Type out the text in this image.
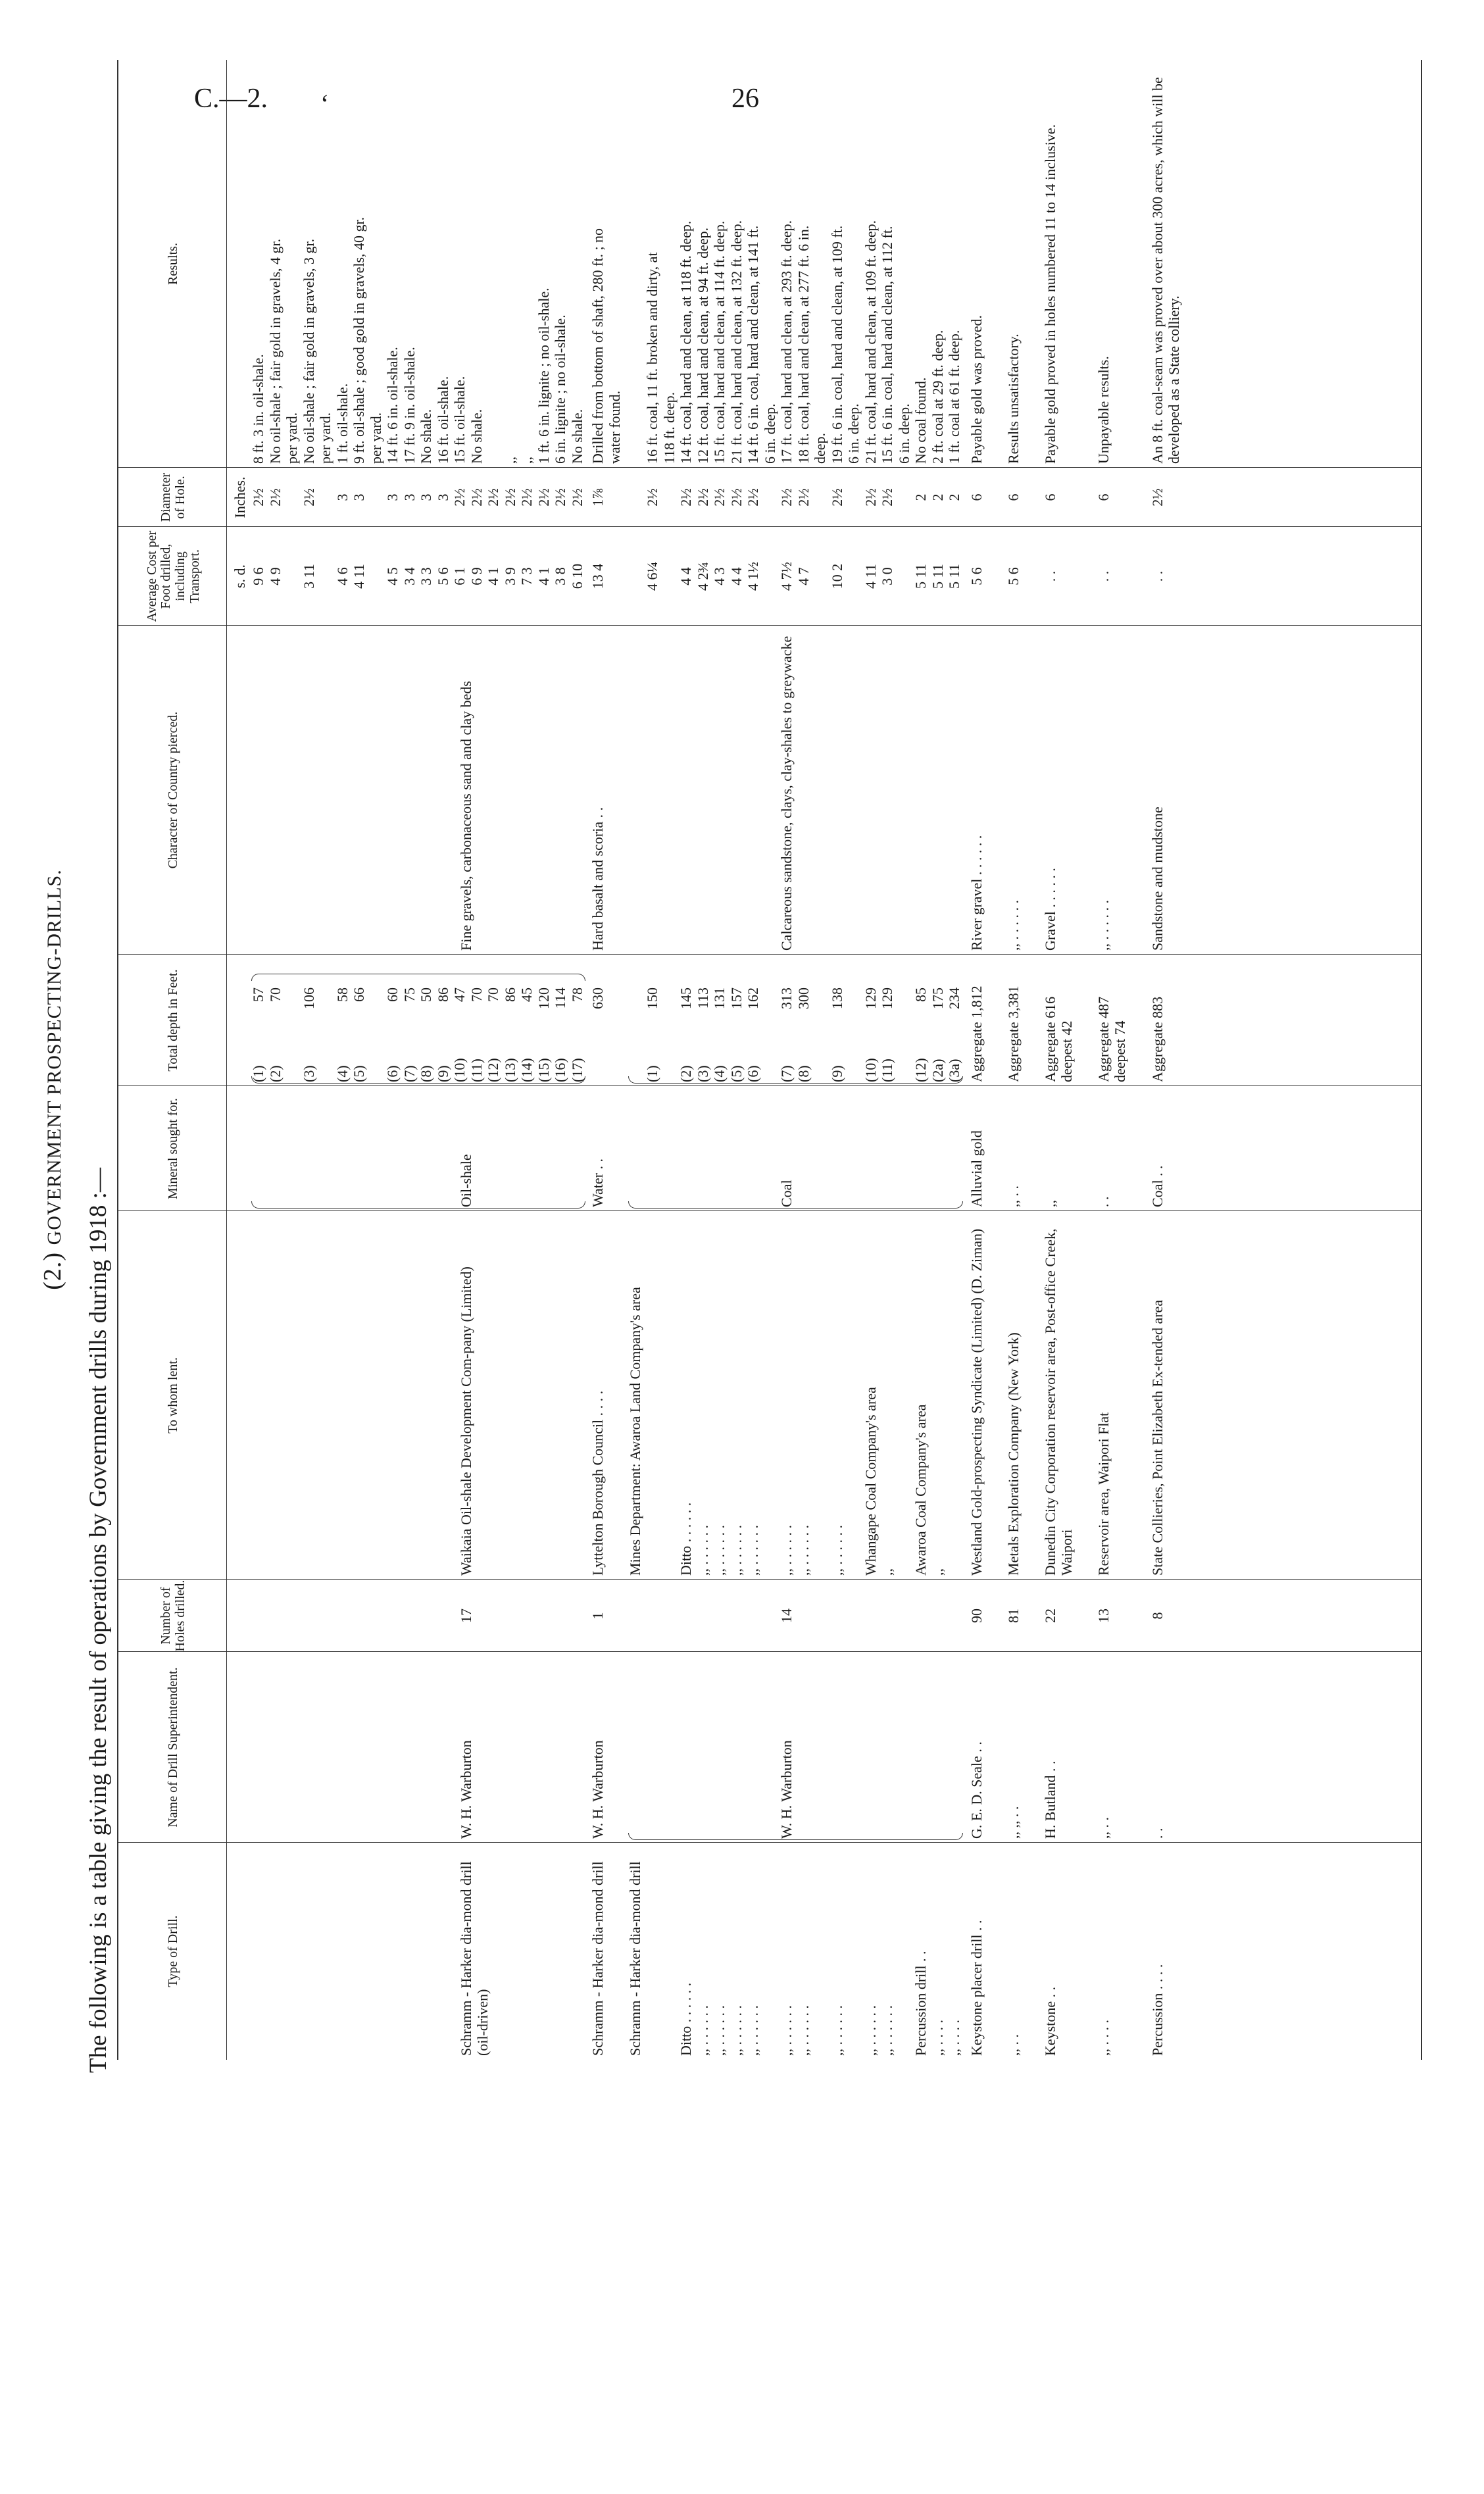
C.—2. ‘	26
(2.) GOVERNMENT PROSPECTING-DRILLS.
The following is a table giving the result of operations by Government drills during 1918 :—	Type of Drill.
Name of Drill Superintendent.
Number of Holes drilled.
To whom lent.
Mineral sought for.
Total depth in Feet.
Character of Country pierced.
Average Cost per Foot drilled, including Transport.
Diameter of Hole.
Results.
s. d.
Inches.
(1)
57
9 6
2½
8 ft. 3 in. oil-shale.
(2)
70
4 9
2½
No oil-shale ; fair gold in gravels, 4 gr. per yard.
(3)
106
3 11
2½
No oil-shale ; fair gold in gravels, 3 gr. per yard.
(4)
58
4 6
3
1 ft. oil-shale.
(5)
66
4 11
3
9 ft. oil-shale ; good gold in gravels, 40 gr. per yard.
(6)
60
4 5
3
14 ft. 6 in. oil-shale.
(7)
75
3 4
3
17 ft. 9 in. oil-shale.
(8)
50
3 3
3
No shale.
(9)
86
5 6
3
16 ft. oil-shale.
(10)
47
6 1
2½
15 ft. oil-shale.
(11)
70
6 9
2½
No shale.
(12)
70
4 1
2½
(13)
86
3 9
2½
,,
(14)
45
7 3
2½
,,
(15)
120
4 1
2½
1 ft. 6 in. lignite ; no oil-shale.
(16)
114
3 8
2½
6 in. lignite ; no oil-shale.
(17)
78
6 10
2½
No shale.
Schramm - Harker dia-mond drill (oil-driven)
W. H. Warburton
17
Waikaia Oil-shale Development Com-pany (Limited)
Oil-shale
Fine gravels, carbonaceous sand and clay beds
Schramm - Harker dia-mond drill
W. H. Warburton
1
Lyttelton Borough Council . . . .
Water . .
630
Hard basalt and scoria . .
13 4
1⅞
Drilled from bottom of shaft, 280 ft. ; no water found.
Schramm - Harker dia-mond drill
Mines Department: Awaroa Land Company's area
(1)
150
4 6¼
2½
16 ft. coal, 11 ft. broken and dirty, at 118 ft. deep.
Ditto . . . . . .
(2)
145
4 4
2½
14 ft. coal, hard and clean, at 118 ft. deep.
,, . . . . . .
(3)
113
4 2¾
2½
12 ft. coal, hard and clean, at 94 ft. deep.
,, . . . . . .
(4)
131
4 3
2½
15 ft. coal, hard and clean, at 114 ft. deep.
,, . . . . . .
(5)
157
4 4
2½
21 ft. coal, hard and clean, at 132 ft. deep.
,, . . . . . .
(6)
162
4 1½
2½
14 ft. 6 in. coal, hard and clean, at 141 ft. 6 in. deep.
,, . . . . . .
(7)
313
4 7½
2½
17 ft. coal, hard and clean, at 293 ft. deep.
,, . . . . . .
(8)
300
4 7
2½
18 ft. coal, hard and clean, at 277 ft. 6 in. deep.
,, . . . . . .
(9)
138
10 2
2½
19 ft. 6 in. coal, hard and clean, at 109 ft. 6 in. deep.
(10)
129
4 11
2½
21 ft. coal, hard and clean, at 109 ft. deep.
,,
(11)
129
3 0
2½
15 ft. 6 in. coal, hard and clean, at 112 ft. 6 in. deep.
(12)
85
5 11
2
No coal found.
,,
(2a)
175
5 11
2
2 ft. coal at 29 ft. deep.
(3a)
234
5 11
2
1 ft. coal at 61 ft. deep.
Ditto . . . . . . ,, . . . . . . ,, . . . . . . ,, . . . . . . ,, . . . . . . ,, . . . . . . ,, . . . . . . ,, . . . . . . ,, . . . . . . ,, . . . . . . Percussion drill . . ,, . . . . ,, . . . .
W. H. Warburton
14
Coal
Calcareous sandstone, clays, clay-shales to greywacke
Whangape Coal Company's area Awaroa Coal Company's area
Keystone placer drill . .
G. E. D. Seale . .
90
Westland Gold-prospecting Syndicate (Limited) (D. Ziman)
Alluvial gold
Aggregate 1,812
River gravel . . . . . .
5 6
6
Payable gold was proved.
,, . .
,, ,, . .
81
Metals Exploration Company (New York)
,, . .
Aggregate 3,381
,, . . . . . .
5 6
6
Results unsatisfactory.
Keystone . .
H. Butland . .
22
Dunedin City Corporation reservoir area, Post-office Creek, Waipori
,,
Aggregate 616 deepest 42
Gravel . . . . . .
. .
6
Payable gold proved in holes numbered 11 to 14 inclusive.
,, . . . .
,, . .
13
Reservoir area, Waipori Flat
. .
Aggregate 487 deepest 74
,, . . . . . .
. .
6
Unpayable results.
Percussion . . . .
. .
8
State Collieries, Point Elizabeth Ex-tended area
Coal . .
Aggregate 883
Sandstone and mudstone
. .
2½
An 8 ft. coal-seam was proved over about 300 acres, which will be developed as a State colliery.
